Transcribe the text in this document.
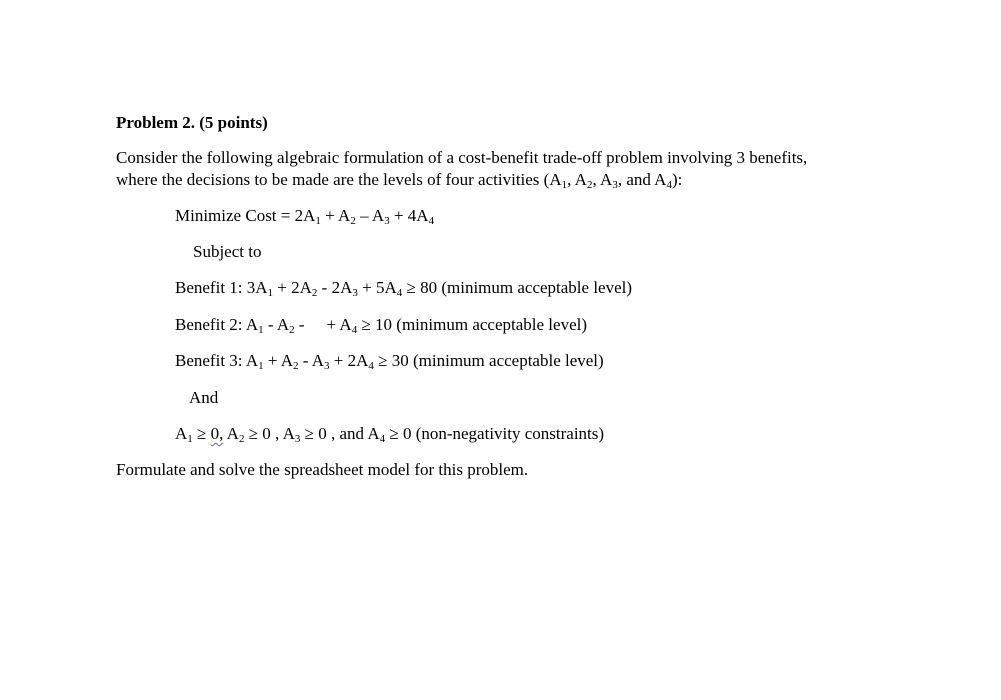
Problem 2. (5 points)
Consider the following algebraic formulation of a cost-benefit trade-off problem involving 3 benefits,
where the decisions to be made are the levels of four activities ($A_1$, $A_2$, $A_3$, and $A_4$):
Minimize Cost = $2A_1 + A_2 - A_3 + 4A_4$
Subject to
Benefit 1: $3A_1 + 2A_2 - 2A_3 + 5A_4 \ge 80$ (minimum acceptable level)
Benefit 2: $A_1 - A_2$ - + $A_4 \ge 10$ (minimum acceptable level)
Benefit 3: $A_1 + A_2 - A_3 + 2A_4 \ge 30$ (minimum acceptable level)
And
$A_1 \ge 0$, $A_2 \ge 0$ , $A_3 \ge 0$ , and $A_4 \ge 0$ (non-negativity constraints)
Formulate and solve the spreadsheet model for this problem.
